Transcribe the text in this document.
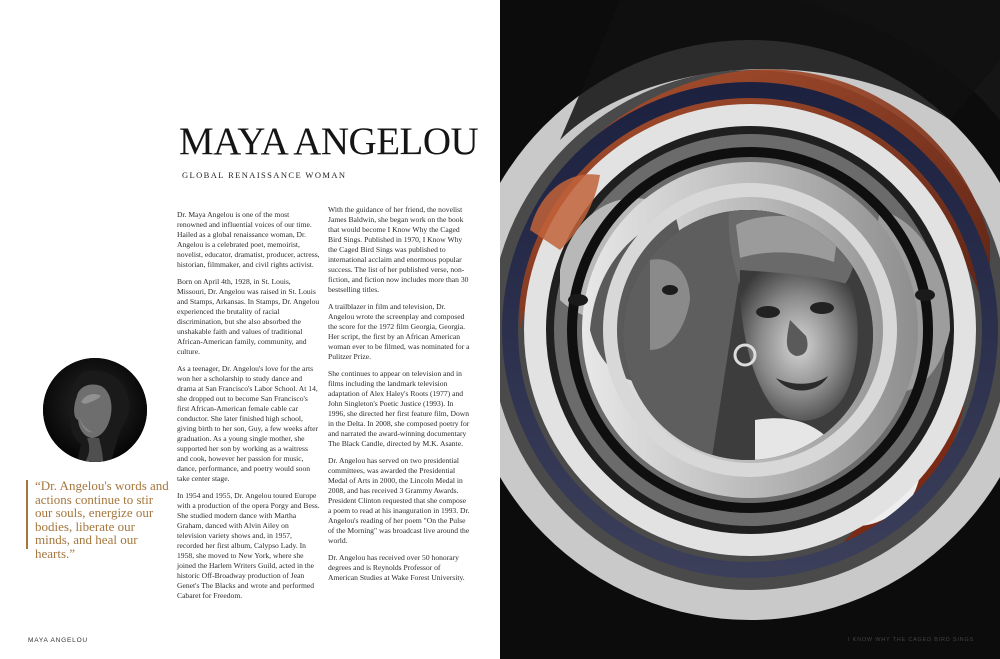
MAYA ANGELOU
GLOBAL RENAISSANCE WOMAN

Dr. Maya Angelou is one of the most renowned and influential voices of our time. Hailed as a global renaissance woman, Dr. Angelou is a celebrated poet, memoirist, novelist, educator, dramatist, producer, actress, historian, filmmaker, and civil rights activist.

Born on April 4th, 1928, in St. Louis, Missouri, Dr. Angelou was raised in St. Louis and Stamps, Arkansas. In Stamps, Dr. Angelou experienced the brutality of racial discrimination, but she also absorbed the unshakable faith and values of traditional African-American family, community, and culture.

As a teenager, Dr. Angelou's love for the arts won her a scholarship to study dance and drama at San Francisco's Labor School. At 14, she dropped out to become San Francisco's first African-American female cable car conductor. She later finished high school, giving birth to her son, Guy, a few weeks after graduation. As a young single mother, she supported her son by working as a waitress and cook, however her passion for music, dance, performance, and poetry would soon take center stage.

In 1954 and 1955, Dr. Angelou toured Europe with a production of the opera Porgy and Bess. She studied modern dance with Martha Graham, danced with Alvin Ailey on television variety shows and, in 1957, recorded her first album, Calypso Lady. In 1958, she moved to New York, where she joined the Harlem Writers Guild, acted in the historic Off-Broadway production of Jean Genet's The Blacks and wrote and performed Cabaret for Freedom.

With the guidance of her friend, the novelist James Baldwin, she began work on the book that would become I Know Why the Caged Bird Sings. Published in 1970, I Know Why the Caged Bird Sings was published to international acclaim and enormous popular success. The list of her published verse, non-fiction, and fiction now includes more than 30 bestselling titles.

A trailblazer in film and television, Dr. Angelou wrote the screenplay and composed the score for the 1972 film Georgia, Georgia. Her script, the first by an African American woman ever to be filmed, was nominated for a Pulitzer Prize.

She continues to appear on television and in films including the landmark television adaptation of Alex Haley's Roots (1977) and John Singleton's Poetic Justice (1993). In 1996, she directed her first feature film, Down in the Delta. In 2008, she composed poetry for and narrated the award-winning documentary The Black Candle, directed by M.K. Asante.

Dr. Angelou has served on two presidential committees, was awarded the Presidential Medal of Arts in 2000, the Lincoln Medal in 2008, and has received 3 Grammy Awards. President Clinton requested that she compose a poem to read at his inauguration in 1993. Dr. Angelou's reading of her poem "On the Pulse of the Morning" was broadcast live around the world.

Dr. Angelou has received over 50 honorary degrees and is Reynolds Professor of American Studies at Wake Forest University.

“Dr. Angelou's words and actions continue to stir our souls, energize our bodies, liberate our minds, and heal our hearts.”

MAYA ANGELOU	I KNOW WHY THE CAGED BIRD SINGS
